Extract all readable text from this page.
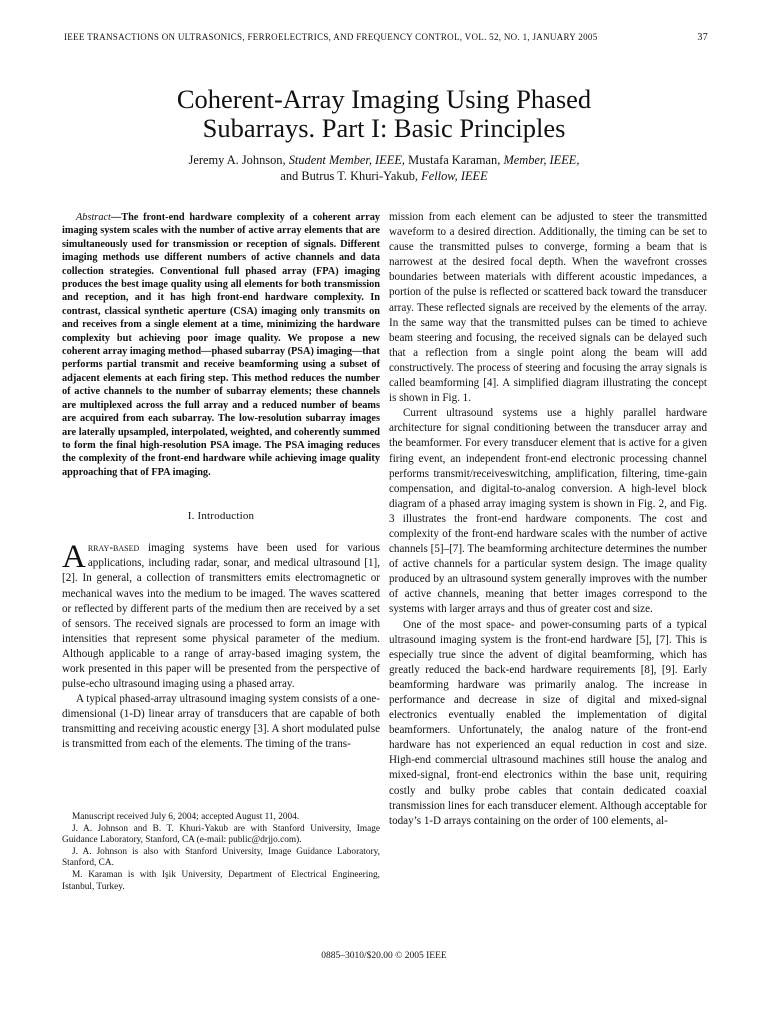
IEEE TRANSACTIONS ON ULTRASONICS, FERROELECTRICS, AND FREQUENCY CONTROL, VOL. 52, NO. 1, JANUARY 2005	37
Coherent-Array Imaging Using Phased
Subarrays. Part I: Basic Principles
Jeremy A. Johnson, Student Member, IEEE, Mustafa Karaman, Member, IEEE,
and Butrus T. Khuri-Yakub, Fellow, IEEE

Abstract—The front-end hardware complexity of a coherent array imaging system scales with the number of active array elements that are simultaneously used for transmission or reception of signals. Different imaging methods use different numbers of active channels and data collection strategies. Conventional full phased array (FPA) imaging produces the best image quality using all elements for both transmission and reception, and it has high front-end hardware complexity. In contrast, classical synthetic aperture (CSA) imaging only transmits on and receives from a single element at a time, minimizing the hardware complexity but achieving poor image quality. We propose a new coherent array imaging method—phased subarray (PSA) imaging—that performs partial transmit and receive beamforming using a subset of adjacent elements at each firing step. This method reduces the number of active channels to the number of subarray elements; these channels are multiplexed across the full array and a reduced number of beams are acquired from each subarray. The low-resolution subarray images are laterally upsampled, interpolated, weighted, and coherently summed to form the final high-resolution PSA image. The PSA imaging reduces the complexity of the front-end hardware while achieving image quality approaching that of FPA imaging.

I. Introduction

Array-based imaging systems have been used for various applications, including radar, sonar, and medical ultrasound [1], [2]. In general, a collection of transmitters emits electromagnetic or mechanical waves into the medium to be imaged. The waves scattered or reflected by different parts of the medium then are received by a set of sensors. The received signals are processed to form an image with intensities that represent some physical parameter of the medium. Although applicable to a range of array-based imaging system, the work presented in this paper will be presented from the perspective of pulse-echo ultrasound imaging using a phased array.

A typical phased-array ultrasound imaging system consists of a one-dimensional (1-D) linear array of transducers that are capable of both transmitting and receiving acoustic energy [3]. A short modulated pulse is transmitted from each of the elements. The timing of the trans-

Manuscript received July 6, 2004; accepted August 11, 2004.

J. A. Johnson and B. T. Khuri-Yakub are with Stanford University, Image Guidance Laboratory, Stanford, CA (e-mail: public@drjjo.com).

J. A. Johnson is also with Stanford University, Image Guidance Laboratory, Stanford, CA.

M. Karaman is with Işik University, Department of Electrical Engineering, Istanbul, Turkey.

mission from each element can be adjusted to steer the transmitted waveform to a desired direction. Additionally, the timing can be set to cause the transmitted pulses to converge, forming a beam that is narrowest at the desired focal depth. When the wavefront crosses boundaries between materials with different acoustic impedances, a portion of the pulse is reflected or scattered back toward the transducer array. These reflected signals are received by the elements of the array. In the same way that the transmitted pulses can be timed to achieve beam steering and focusing, the received signals can be delayed such that a reflection from a single point along the beam will add constructively. The process of steering and focusing the array signals is called beamforming [4]. A simplified diagram illustrating the concept is shown in Fig. 1.

Current ultrasound systems use a highly parallel hardware architecture for signal conditioning between the transducer array and the beamformer. For every transducer element that is active for a given firing event, an independent front-end electronic processing channel performs transmit/receiveswitching, amplification, filtering, time-gain compensation, and digital-to-analog conversion. A high-level block diagram of a phased array imaging system is shown in Fig. 2, and Fig. 3 illustrates the front-end hardware components. The cost and complexity of the front-end hardware scales with the number of active channels [5]–[7]. The beamforming architecture determines the number of active channels for a particular system design. The image quality produced by an ultrasound system generally improves with the number of active channels, meaning that better images correspond to the systems with larger arrays and thus of greater cost and size.

One of the most space- and power-consuming parts of a typical ultrasound imaging system is the front-end hardware [5], [7]. This is especially true since the advent of digital beamforming, which has greatly reduced the back-end hardware requirements [8], [9]. Early beamforming hardware was primarily analog. The increase in performance and decrease in size of digital and mixed-signal electronics eventually enabled the implementation of digital beamformers. Unfortunately, the analog nature of the front-end hardware has not experienced an equal reduction in cost and size. High-end commercial ultrasound machines still house the analog and mixed-signal, front-end electronics within the base unit, requiring costly and bulky probe cables that contain dedicated coaxial transmission lines for each transducer element. Although acceptable for today’s 1-D arrays containing on the order of 100 elements, al-

0885–3010/$20.00 © 2005 IEEE
